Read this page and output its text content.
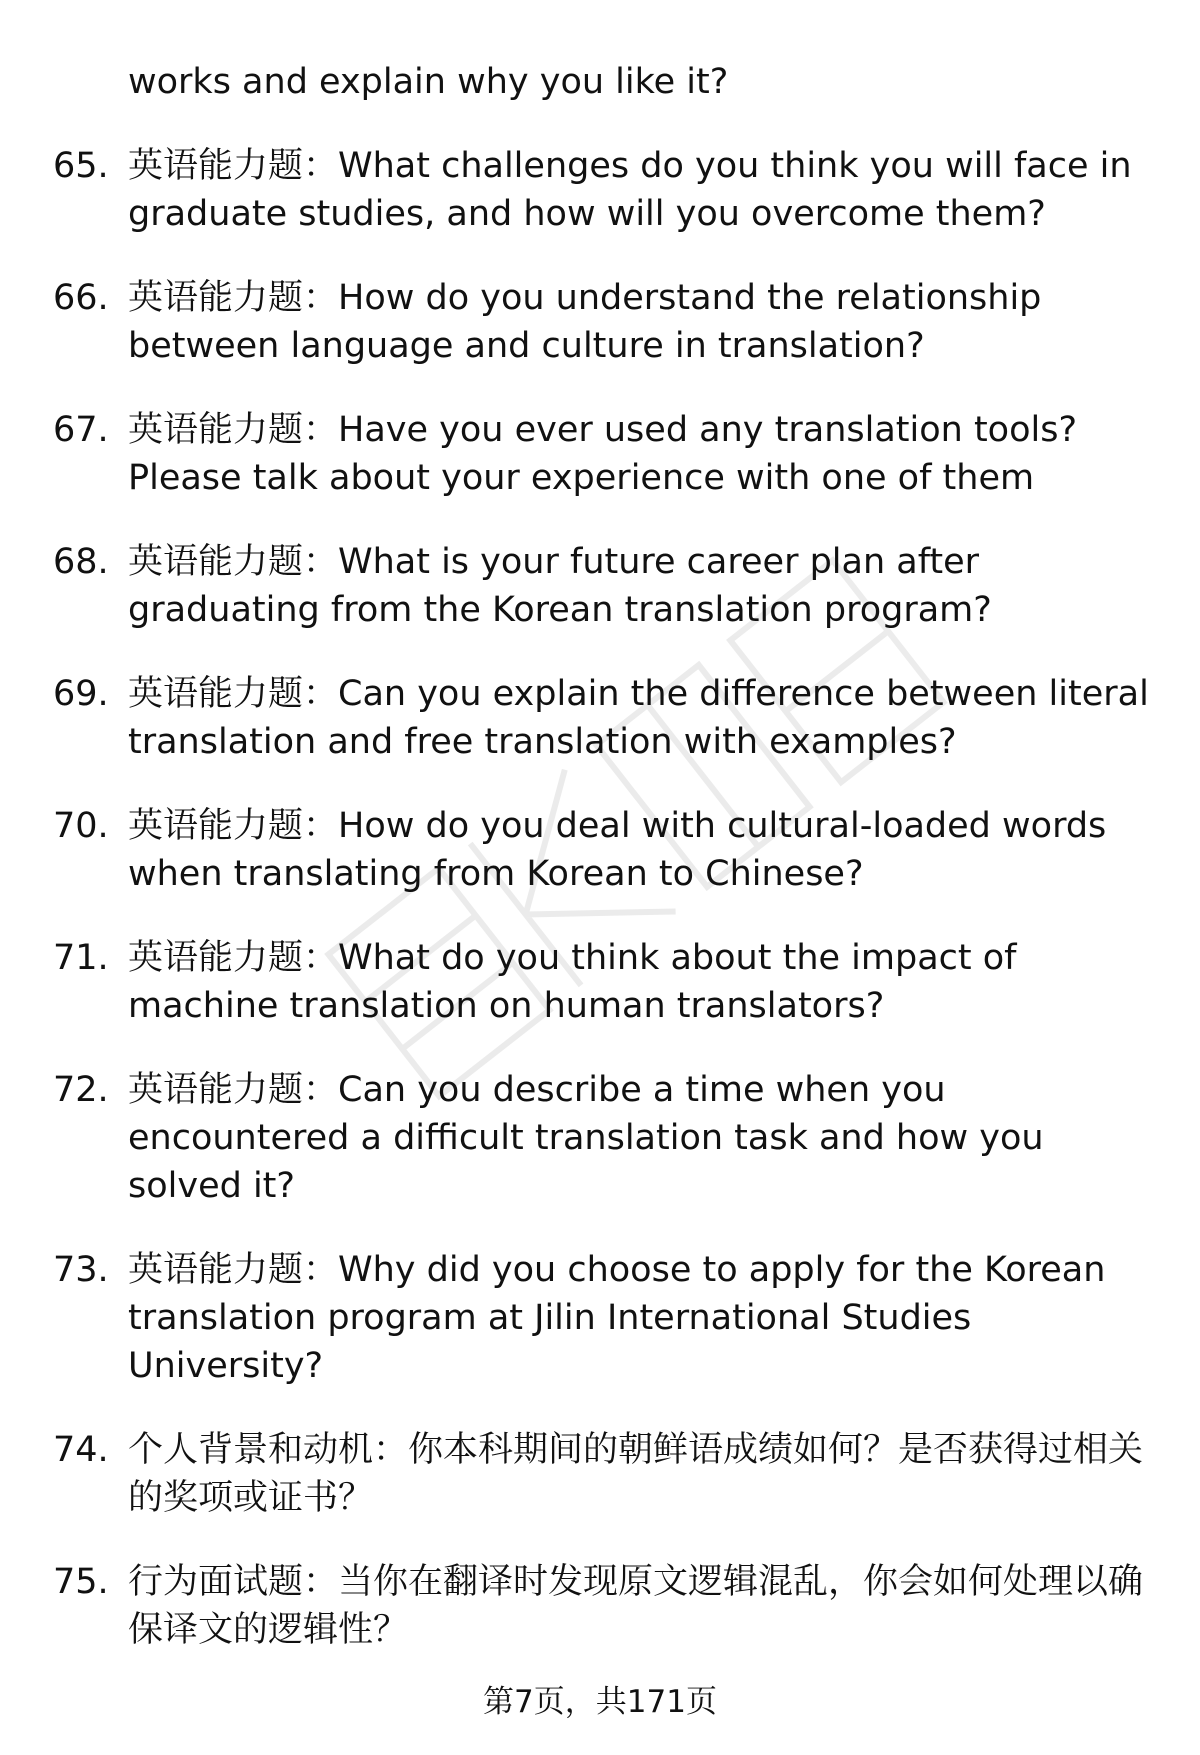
works and explain why you like it?
65. 英语能力题：What challenges do you think you will face in graduate studies, and how will you overcome them?
66. 英语能力题：How do you understand the relationship between language and culture in translation?
67. 英语能力题：Have you ever used any translation tools? Please talk about your experience with one of them
68. 英语能力题：What is your future career plan after graduating from the Korean translation program?
69. 英语能力题：Can you explain the difference between literal translation and free translation with examples?
70. 英语能力题：How do you deal with cultural-loaded words when translating from Korean to Chinese?
71. 英语能力题：What do you think about the impact of machine translation on human translators?
72. 英语能力题：Can you describe a time when you encountered a difficult translation task and how you solved it?
73. 英语能力题：Why did you choose to apply for the Korean translation program at Jilin International Studies University?
74. 个人背景和动机：你本科期间的朝鲜语成绩如何？是否获得过相关的奖项或证书？
75. 行为面试题：当你在翻译时发现原文逻辑混乱，你会如何处理以确保译文的逻辑性？
第7页，共171页
